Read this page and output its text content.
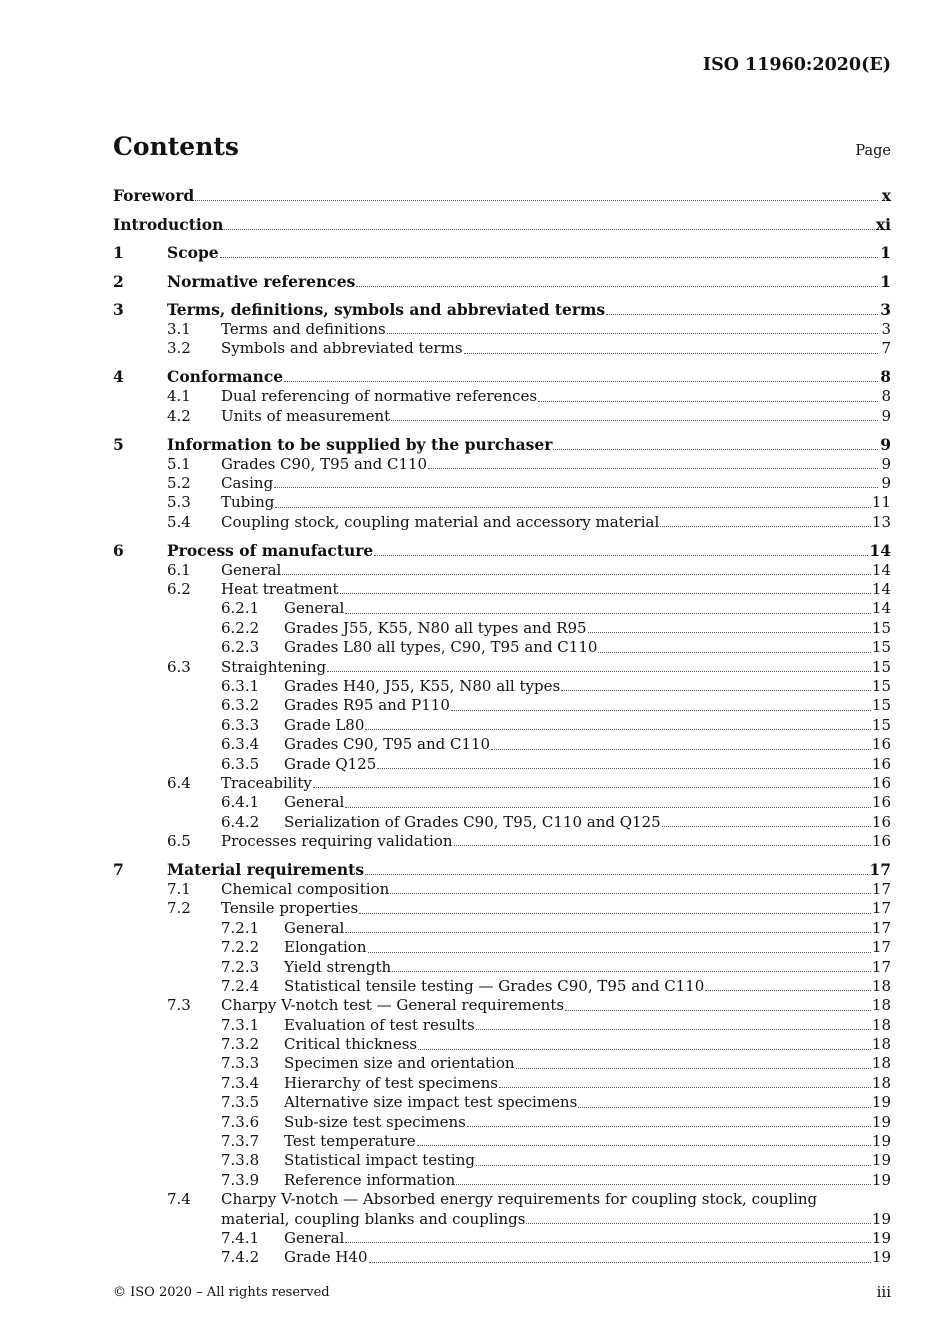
ISO 11960:2020(E)
Contents	Page
Foreword	x
Introduction	xi
1	Scope	1
2	Normative references	1
3	Terms, definitions, symbols and abbreviated terms	3
3.1	Terms and definitions	3
3.2	Symbols and abbreviated terms	7
4	Conformance	8
4.1	Dual referencing of normative references	8
4.2	Units of measurement	9
5	Information to be supplied by the purchaser	9
5.1	Grades C90, T95 and C110	9
5.2	Casing	9
5.3	Tubing	11
5.4	Coupling stock, coupling material and accessory material	13
6	Process of manufacture	14
6.1	General	14
6.2	Heat treatment	14
6.2.1	General	14
6.2.2	Grades J55, K55, N80 all types and R95	15
6.2.3	Grades L80 all types, C90, T95 and C110	15
6.3	Straightening	15
6.3.1	Grades H40, J55, K55, N80 all types	15
6.3.2	Grades R95 and P110	15
6.3.3	Grade L80	15
6.3.4	Grades C90, T95 and C110	16
6.3.5	Grade Q125	16
6.4	Traceability	16
6.4.1	General	16
6.4.2	Serialization of Grades C90, T95, C110 and Q125	16
6.5	Processes requiring validation	16
7	Material requirements	17
7.1	Chemical composition	17
7.2	Tensile properties	17
7.2.1	General	17
7.2.2	Elongation	17
7.2.3	Yield strength	17
7.2.4	Statistical tensile testing — Grades C90, T95 and C110	18
7.3	Charpy V-notch test — General requirements	18
7.3.1	Evaluation of test results	18
7.3.2	Critical thickness	18
7.3.3	Specimen size and orientation	18
7.3.4	Hierarchy of test specimens	18
7.3.5	Alternative size impact test specimens	19
7.3.6	Sub-size test specimens	19
7.3.7	Test temperature	19
7.3.8	Statistical impact testing	19
7.3.9	Reference information	19
7.4	Charpy V-notch — Absorbed energy requirements for coupling stock, coupling
material, coupling blanks and couplings	19
7.4.1	General	19
7.4.2	Grade H40	19
© ISO 2020 – All rights reserved	iii
